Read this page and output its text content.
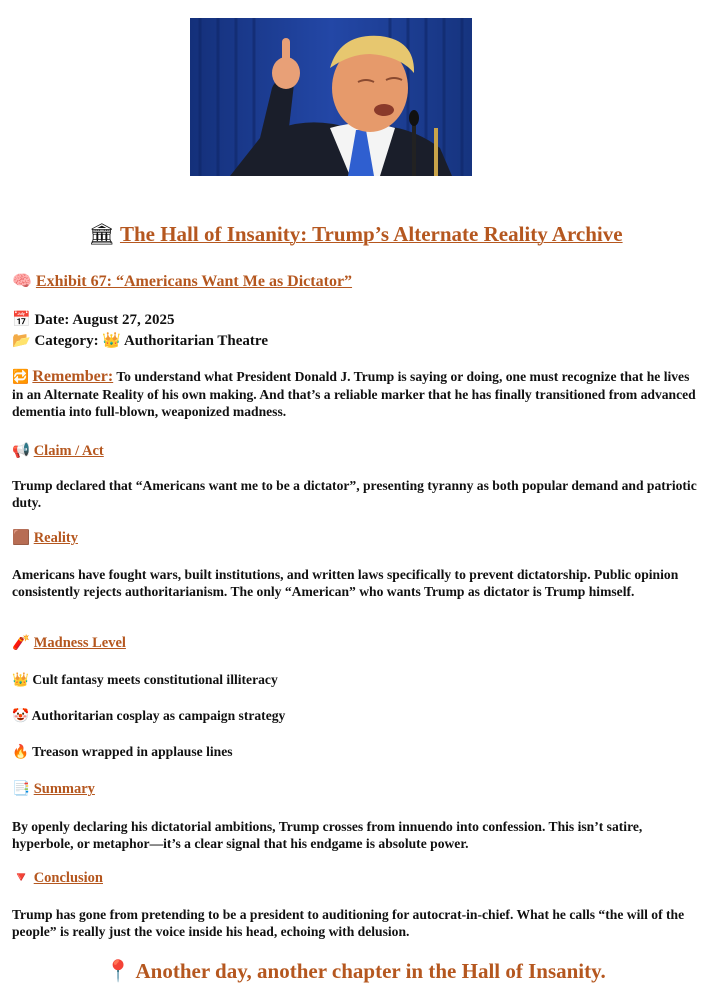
🏛 The Hall of Insanity: Trump’s Alternate Reality Archive
🧠 Exhibit 67: “Americans Want Me as Dictator”
📅 Date: August 27, 2025
📂 Category: 👑 Authoritarian Theatre
🔁 Remember: To understand what President Donald J. Trump is saying or doing, one must recognize that he lives in an Alternate Reality of his own making. And that’s a reliable marker that he has finally transitioned from advanced dementia into full-blown, weaponized madness.
📢 Claim / Act
Trump declared that “Americans want me to be a dictator”, presenting tyranny as both popular demand and patriotic duty.
🟫 Reality
Americans have fought wars, built institutions, and written laws specifically to prevent dictatorship. Public opinion consistently rejects authoritarianism. The only “American” who wants Trump as dictator is Trump himself.
🧨 Madness Level
👑 Cult fantasy meets constitutional illiteracy
🤡 Authoritarian cosplay as campaign strategy
🔥 Treason wrapped in applause lines
📑 Summary
By openly declaring his dictatorial ambitions, Trump crosses from innuendo into confession. This isn’t satire, hyperbole, or metaphor—it’s a clear signal that his endgame is absolute power.
🔻 Conclusion
Trump has gone from pretending to be a president to auditioning for autocrat-in-chief. What he calls “the will of the people” is really just the voice inside his head, echoing with delusion.
📍 Another day, another chapter in the Hall of Insanity.
